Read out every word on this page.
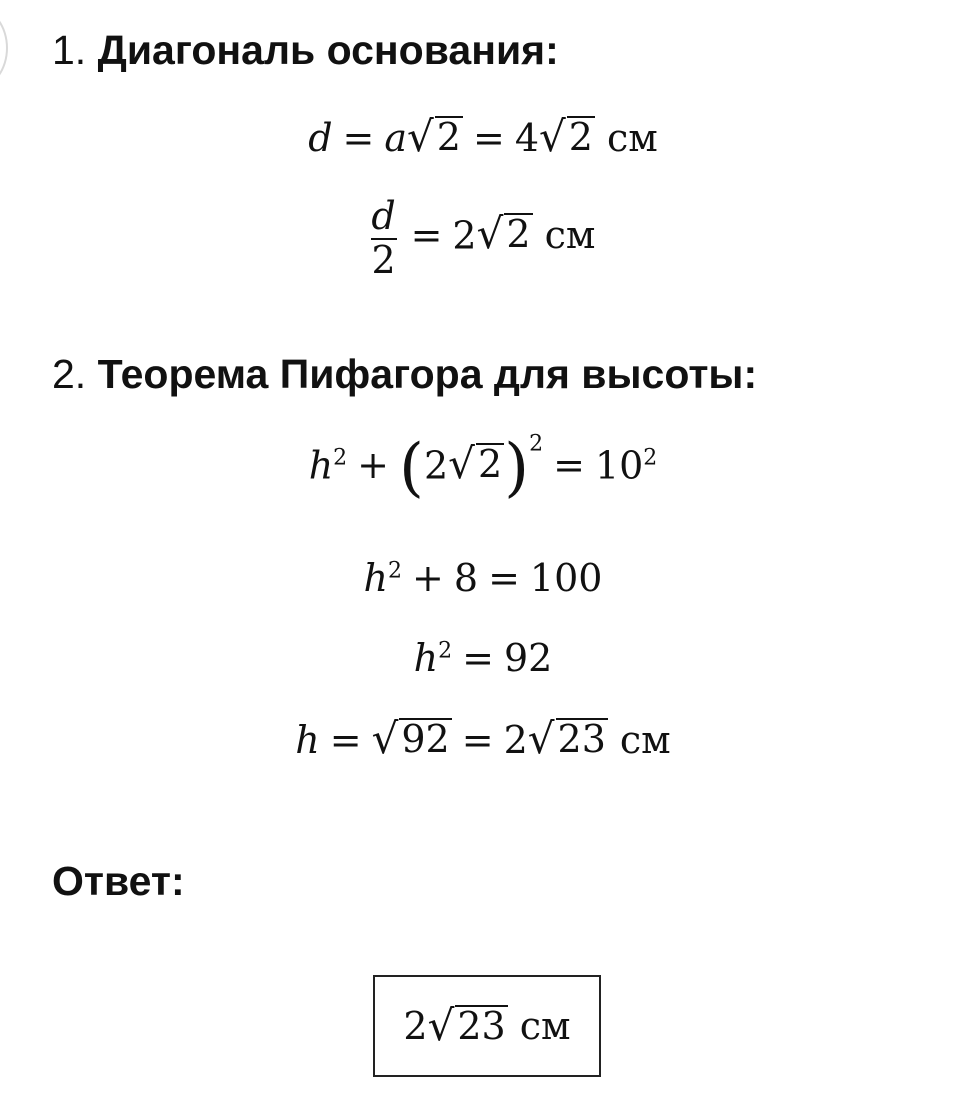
1. Диагональ основания:
d = a √ 2 = 4 √ 2 см
$\frac{d}{2} = 2$ √ 2 см
2. Теорема Пифагора для высоты:
$h^2 + (2$ √ 2 )$^2 = 10^2$
$h^2 + 8 = 100$
$h^2 = 92$
h = √ 92 = 2 √ 23 см
Ответ:
2 √ 23 см
